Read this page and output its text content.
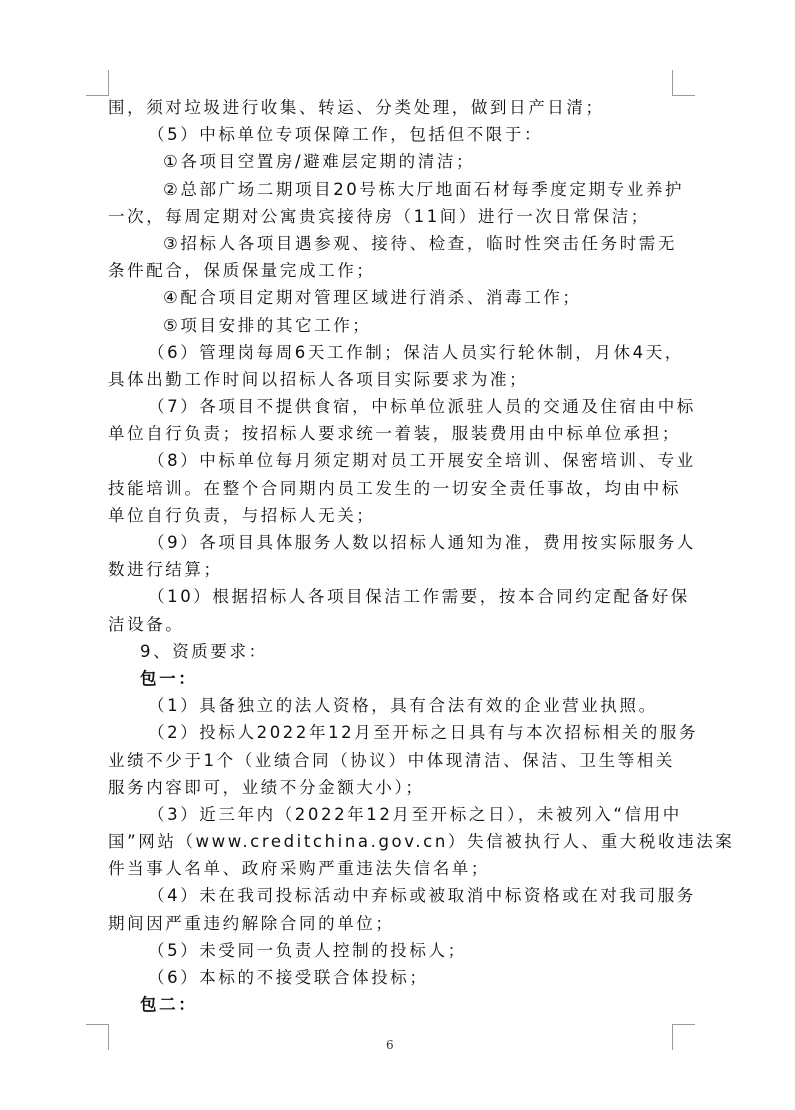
围，须对垃圾进行收集、转运、分类处理，做到日产日清；
（5）中标单位专项保障工作，包括但不限于：
①各项目空置房/避难层定期的清洁；
②总部广场二期项目20号栋大厅地面石材每季度定期专业养护
一次，每周定期对公寓贵宾接待房（11间）进行一次日常保洁；
③招标人各项目遇参观、接待、检查，临时性突击任务时需无
条件配合，保质保量完成工作；
④配合项目定期对管理区域进行消杀、消毒工作；
⑤项目安排的其它工作；
（6）管理岗每周6天工作制；保洁人员实行轮休制，月休4天，
具体出勤工作时间以招标人各项目实际要求为准；
（7）各项目不提供食宿，中标单位派驻人员的交通及住宿由中标
单位自行负责；按招标人要求统一着装，服装费用由中标单位承担；
（8）中标单位每月须定期对员工开展安全培训、保密培训、专业
技能培训。在整个合同期内员工发生的一切安全责任事故，均由中标
单位自行负责，与招标人无关；
（9）各项目具体服务人数以招标人通知为准，费用按实际服务人
数进行结算；
（10）根据招标人各项目保洁工作需要，按本合同约定配备好保
洁设备。
9、资质要求：
包一：
（1）具备独立的法人资格，具有合法有效的企业营业执照。
（2）投标人2022年12月至开标之日具有与本次招标相关的服务
业绩不少于1个（业绩合同（协议）中体现清洁、保洁、卫生等相关
服务内容即可，业绩不分金额大小）；
（3）近三年内（2022年12月至开标之日），未被列入“信用中
国”网站（www.creditchina.gov.cn）失信被执行人、重大税收违法案
件当事人名单、政府采购严重违法失信名单；
（4）未在我司投标活动中弃标或被取消中标资格或在对我司服务
期间因严重违约解除合同的单位；
（5）未受同一负责人控制的投标人；
（6）本标的不接受联合体投标；
包二：
6
